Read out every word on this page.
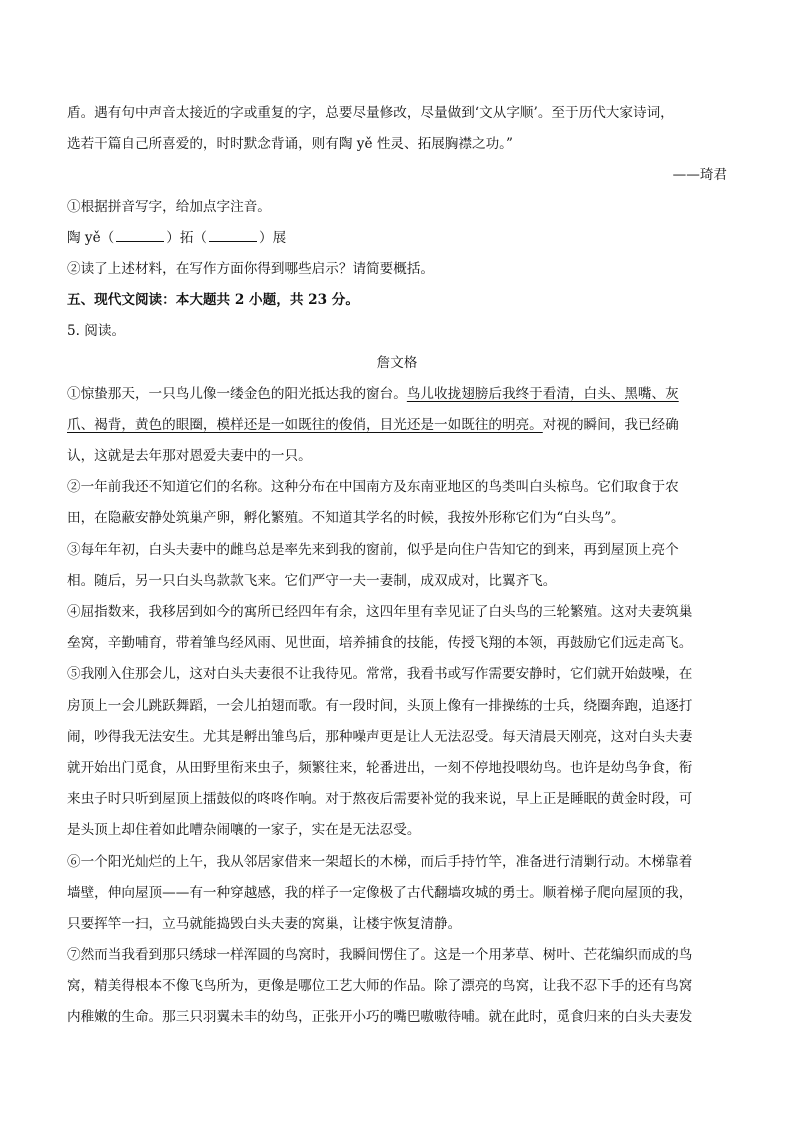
盾。遇有句中声音太接近的字或重复的字，总要尽量修改，尽量做到‘文从字顺’。至于历代大家诗词，
选若干篇自己所喜爱的，时时默念背诵，则有陶 yě 性灵、拓展胸襟之功。”
——琦君
①根据拼音写字，给加点字注音。
陶 yě（	）拓（	）展
②读了上述材料，在写作方面你得到哪些启示？请简要概括。
五、现代文阅读：本大题共 2 小题，共 23 分。
5. 阅读。
詹文格
①惊蛰那天，一只鸟儿像一缕金色的阳光抵达我的窗台。鸟儿收拢翅膀后我终于看清，白头、黑嘴、灰
爪、褐背，黄色的眼圈，模样还是一如既往的俊俏，目光还是一如既往的明亮。对视的瞬间，我已经确
认，这就是去年那对恩爱夫妻中的一只。
②一年前我还不知道它们的名称。这种分布在中国南方及东南亚地区的鸟类叫白头椋鸟。它们取食于农
田，在隐蔽安静处筑巢产卵，孵化繁殖。不知道其学名的时候，我按外形称它们为“白头鸟”。
③每年年初，白头夫妻中的雌鸟总是率先来到我的窗前，似乎是向住户告知它的到来，再到屋顶上亮个
相。随后，另一只白头鸟款款飞来。它们严守一夫一妻制，成双成对，比翼齐飞。
④屈指数来，我移居到如今的寓所已经四年有余，这四年里有幸见证了白头鸟的三轮繁殖。这对夫妻筑巢
垒窝，辛勤哺育，带着雏鸟经风雨、见世面，培养捕食的技能，传授飞翔的本领，再鼓励它们远走高飞。
⑤我刚入住那会儿，这对白头夫妻很不让我待见。常常，我看书或写作需要安静时，它们就开始鼓噪，在
房顶上一会儿跳跃舞蹈，一会儿拍翅而歌。有一段时间，头顶上像有一排操练的士兵，绕圈奔跑，追逐打
闹，吵得我无法安生。尤其是孵出雏鸟后，那种噪声更是让人无法忍受。每天清晨天刚亮，这对白头夫妻
就开始出门觅食，从田野里衔来虫子，频繁往来，轮番进出，一刻不停地投喂幼鸟。也许是幼鸟争食，衔
来虫子时只听到屋顶上擂鼓似的咚咚作响。对于熬夜后需要补觉的我来说，早上正是睡眠的黄金时段，可
是头顶上却住着如此嘈杂闹嚷的一家子，实在是无法忍受。
⑥一个阳光灿烂的上午，我从邻居家借来一架超长的木梯，而后手持竹竿，准备进行清剿行动。木梯靠着
墙壁，伸向屋顶——有一种穿越感，我的样子一定像极了古代翻墙攻城的勇士。顺着梯子爬向屋顶的我，
只要挥竿一扫，立马就能捣毁白头夫妻的窝巢，让楼宇恢复清静。
⑦然而当我看到那只绣球一样浑圆的鸟窝时，我瞬间愣住了。这是一个用茅草、树叶、芒花编织而成的鸟
窝，精美得根本不像飞鸟所为，更像是哪位工艺大师的作品。除了漂亮的鸟窝，让我不忍下手的还有鸟窝
内稚嫩的生命。那三只羽翼未丰的幼鸟，正张开小巧的嘴巴嗷嗷待哺。就在此时，觅食归来的白头夫妻发
